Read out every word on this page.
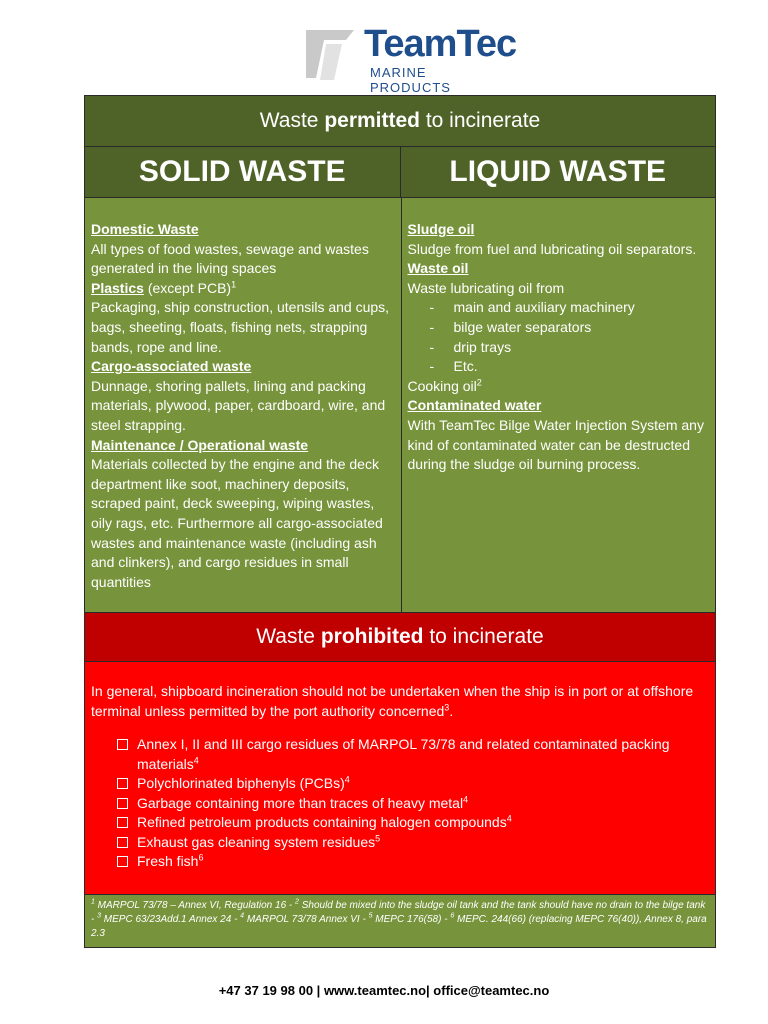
TeamTec
MARINE PRODUCTS
Waste permitted to incinerate
SOLID WASTE	LIQUID WASTE
Domestic Waste
All types of food wastes, sewage and wastes generated in the living spaces
Plastics (except PCB)$^1$
Packaging, ship construction, utensils and cups, bags, sheeting, floats, fishing nets, strapping bands, rope and line.
Cargo-associated waste
Dunnage, shoring pallets, lining and packing materials, plywood, paper, cardboard, wire, and steel strapping.
Maintenance / Operational waste
Materials collected by the engine and the deck department like soot, machinery deposits, scraped paint, deck sweeping, wiping wastes, oily rags, etc. Furthermore all cargo-associated wastes and maintenance waste (including ash and clinkers), and cargo residues in small quantities
Sludge oil
Sludge from fuel and lubricating oil separators.
Waste oil
Waste lubricating oil from
- main and auxiliary machinery
- bilge water separators
- drip trays
- Etc.
Cooking oil$^2$
Contaminated water
With TeamTec Bilge Water Injection System any kind of contaminated water can be destructed during the sludge oil burning process.
Waste prohibited to incinerate
In general, shipboard incineration should not be undertaken when the ship is in port or at offshore terminal unless permitted by the port authority concerned$^3$.
Annex I, II and III cargo residues of MARPOL 73/78 and related contaminated packing materials$^4$
Polychlorinated biphenyls (PCBs)$^4$
Garbage containing more than traces of heavy metal$^4$
Refined petroleum products containing halogen compounds$^4$
Exhaust gas cleaning system residues$^5$
Fresh fish$^6$
$^1$ MARPOL 73/78 – Annex VI, Regulation 16 - $^2$ Should be mixed into the sludge oil tank and the tank should have no drain to the bilge tank - $^3$ MEPC 63/23Add.1 Annex 24 - $^4$ MARPOL 73/78 Annex VI - $^5$ MEPC 176(58) - $^6$ MEPC. 244(66) (replacing MEPC 76(40)), Annex 8, para 2.3
+47 37 19 98 00 | www.teamtec.no| office@teamtec.no
